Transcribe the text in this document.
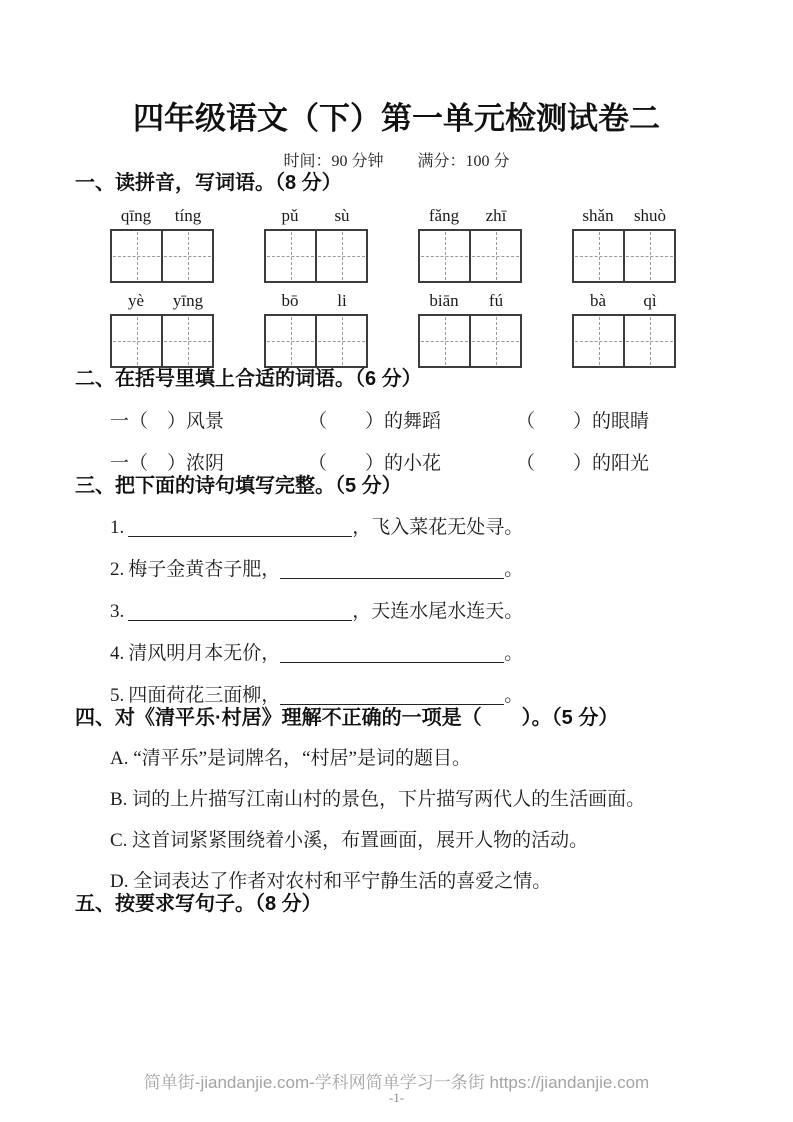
四年级语文（下）第一单元检测试卷二
时间：90 分钟 满分：100 分
一、读拼音，写词语。（8 分）
qīng	tíng	pǔ	sù	fǎng	zhī	shǎn	shuò
yè	yīng	bō	li	biān	fú	bà	qì
二、在括号里填上合适的词语。（6 分）
一（　）风景	（　　）的舞蹈	（　　）的眼睛
一（　）浓阴	（　　）的小花	（　　）的阳光
三、把下面的诗句填写完整。（5 分）
1.	，飞入菜花无处寻。
2. 梅子金黄杏子肥，	。
3.	，天连水尾水连天。
4. 清风明月本无价，	。
5. 四面荷花三面柳，	。
四、对《清平乐·村居》理解不正确的一项是（　　）。（5 分）
A. “清平乐”是词牌名，“村居”是词的题目。
B. 词的上片描写江南山村的景色，下片描写两代人的生活画面。
C. 这首词紧紧围绕着小溪，布置画面，展开人物的活动。
D. 全词表达了作者对农村和平宁静生活的喜爱之情。
五、按要求写句子。（8 分）
简单街-jiandanjie.com-学科网简单学习一条街 https://jiandanjie.com
-1-
